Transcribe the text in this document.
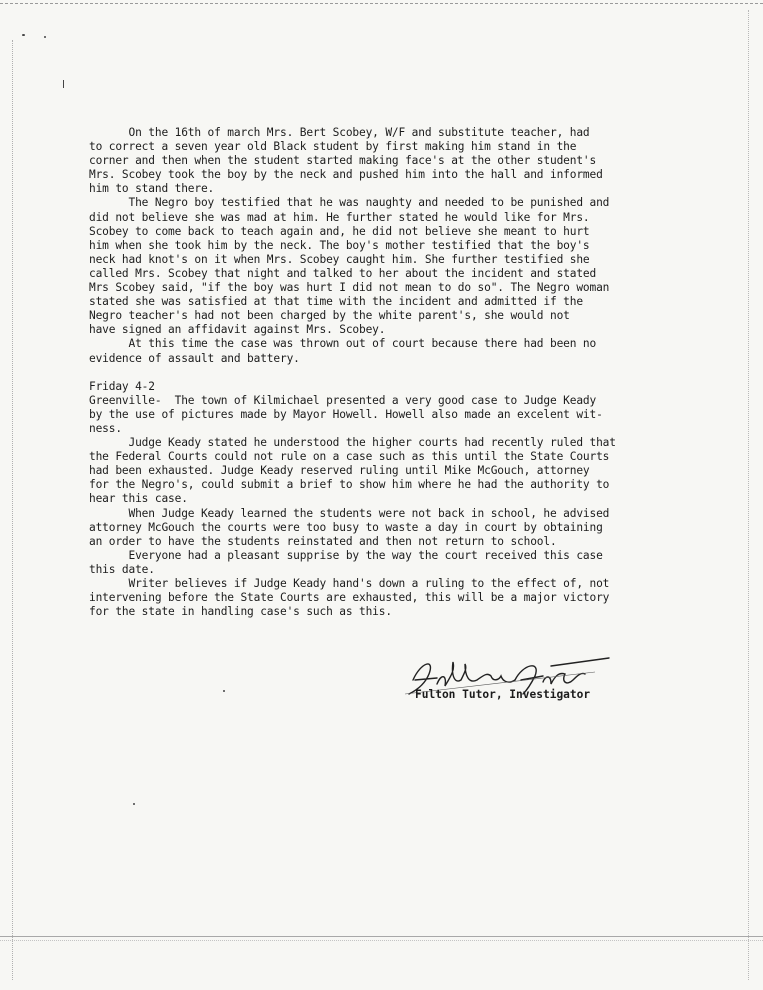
On the 16th of march Mrs. Bert Scobey, W/F and substitute teacher, had
to correct a seven year old Black student by first making him stand in the
corner and then when the student started making face's at the other student's
Mrs. Scobey took the boy by the neck and pushed him into the hall and informed
him to stand there.
The Negro boy testified that he was naughty and needed to be punished and
did not believe she was mad at him. He further stated he would like for Mrs.
Scobey to come back to teach again and, he did not believe she meant to hurt
him when she took him by the neck. The boy's mother testified that the boy's
neck had knot's on it when Mrs. Scobey caught him. She further testified she
called Mrs. Scobey that night and talked to her about the incident and stated
Mrs Scobey said, "if the boy was hurt I did not mean to do so". The Negro woman
stated she was satisfied at that time with the incident and admitted if the
Negro teacher's had not been charged by the white parent's, she would not
have signed an affidavit against Mrs. Scobey.
At this time the case was thrown out of court because there had been no
evidence of assault and battery.
Friday 4-2
Greenville-  The town of Kilmichael presented a very good case to Judge Keady
by the use of pictures made by Mayor Howell. Howell also made an excelent wit-
ness.
Judge Keady stated he understood the higher courts had recently ruled that
the Federal Courts could not rule on a case such as this until the State Courts
had been exhausted. Judge Keady reserved ruling until Mike McGouch, attorney
for the Negro's, could submit a brief to show him where he had the authority to
hear this case.
When Judge Keady learned the students were not back in school, he advised
attorney McGouch the courts were too busy to waste a day in court by obtaining
an order to have the students reinstated and then not return to school.
Everyone had a pleasant supprise by the way the court received this case
this date.
Writer believes if Judge Keady hand's down a ruling to the effect of, not
intervening before the State Courts are exhausted, this will be a major victory
for the state in handling case's such as this.
Fulton Tutor, Investigator
